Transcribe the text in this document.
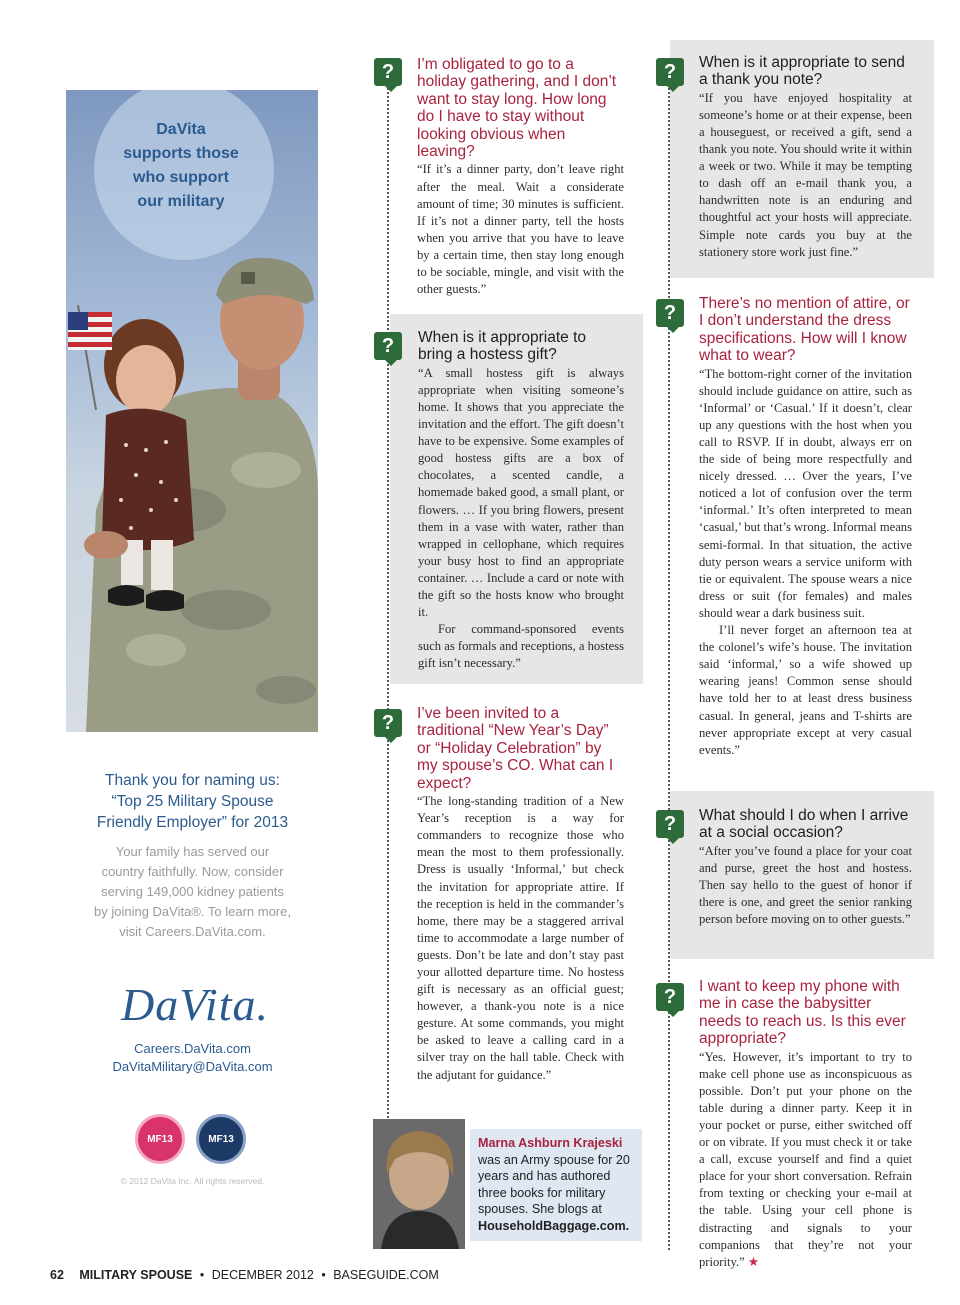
DaVita
supports those
who support
our military
Thank you for naming us:
“Top 25 Military Spouse
Friendly Employer” for 2013
Your family has served our
country faithfully. Now, consider
serving 149,000 kidney patients
by joining DaVita®. To learn more,
visit Careers.DaVita.com.
DaVita.
Careers.DaVita.com
DaVitaMilitary@DaVita.com
MF13	MF13
© 2012 DaVita Inc. All rights reserved.
?	I’m obligated to go to a holiday gathering, and I don’t want to stay long. How long do I have to stay without looking obvious when leaving?

“If it’s a dinner party, don’t leave right after the meal. Wait a considerate amount of time; 30 minutes is sufficient. If it’s not a dinner party, tell the hosts when you arrive that you have to leave by a certain time, then stay long enough to be sociable, mingle, and visit with the other guests.”

When is it appropriate to bring a hostess gift?

“A small hostess gift is always appropriate when visiting someone’s home. It shows that you appreciate the invitation and the effort. The gift doesn’t have to be expensive. Some examples of good hostess gifts are a box of chocolates, a scented candle, a homemade baked good, a small plant, or flowers. … If you bring flowers, present them in a vase with water, rather than wrapped in cellophane, which requires your busy host to find an appropriate container. … Include a card or note with the gift so the hosts know who brought it.

For command-sponsored events such as formals and receptions, a hostess gift isn’t necessary.”

?
?	I’ve been invited to a traditional “New Year’s Day” or “Holiday Celebration” by my spouse’s CO. What can I expect?

“The long-standing tradition of a New Year’s reception is a way for commanders to recognize those who mean the most to them professionally. Dress is usually ‘Informal,’ but check the invitation for appropriate attire. If the reception is held in the commander’s home, there may be a staggered arrival time to accommodate a large number of guests. Don’t be late and don’t stay past your allotted departure time. No hostess gift is necessary as an official guest; however, a thank-you note is a nice gesture. At some commands, you might be asked to leave a calling card in a silver tray on the hall table. Check with the adjutant for guidance.”

Marna Ashburn Krajeski was an Army spouse for 20 years and has authored three books for military spouses. She blogs at HouseholdBaggage.com.
When is it appropriate to send a thank you note?

“If you have enjoyed hospitality at someone’s home or at their expense, been a houseguest, or received a gift, send a thank you note. You should write it within a week or two. While it may be tempting to dash off an e-mail thank you, a handwritten note is an enduring and thoughtful act your hosts will appreciate. Simple note cards you buy at the stationery store work just fine.”

?
?	There’s no mention of attire, or I don’t understand the dress specifications. How will I know what to wear?

“The bottom-right corner of the invitation should include guidance on attire, such as ‘Informal’ or ‘Casual.’ If it doesn’t, clear up any questions with the host when you call to RSVP. If in doubt, always err on the side of being more respectfully and nicely dressed. … Over the years, I’ve noticed a lot of confusion over the term ‘informal.’ It’s often interpreted to mean ‘casual,’ but that’s wrong. Informal means semi-formal. In that situation, the active duty person wears a service uniform with tie or equivalent. The spouse wears a nice dress or suit (for females) and males should wear a dark business suit.

I’ll never forget an afternoon tea at the colonel’s wife’s house. The invitation said ‘informal,’ so a wife showed up wearing jeans! Common sense should have told her to at least dress business casual. In general, jeans and T-shirts are never appropriate except at very casual events.”

What should I do when I arrive at a social occasion?

“After you’ve found a place for your coat and purse, greet the host and hostess. Then say hello to the guest of honor if there is one, and greet the senior ranking person before moving on to other guests.”

?
?	I want to keep my phone with me in case the babysitter needs to reach us. Is this ever appropriate?

“Yes. However, it’s important to try to make cell phone use as inconspicuous as possible. Don’t put your phone on the table during a dinner party. Keep it in your pocket or purse, either switched off or on vibrate. If you must check it or take a call, excuse yourself and find a quiet place for your short conversation. Refrain from texting or checking your e-mail at the table. Using your cell phone is distracting and signals to your companions that they’re not your priority.” ★

62 MILITARY SPOUSE • DECEMBER 2012 • BASEGUIDE.COM
